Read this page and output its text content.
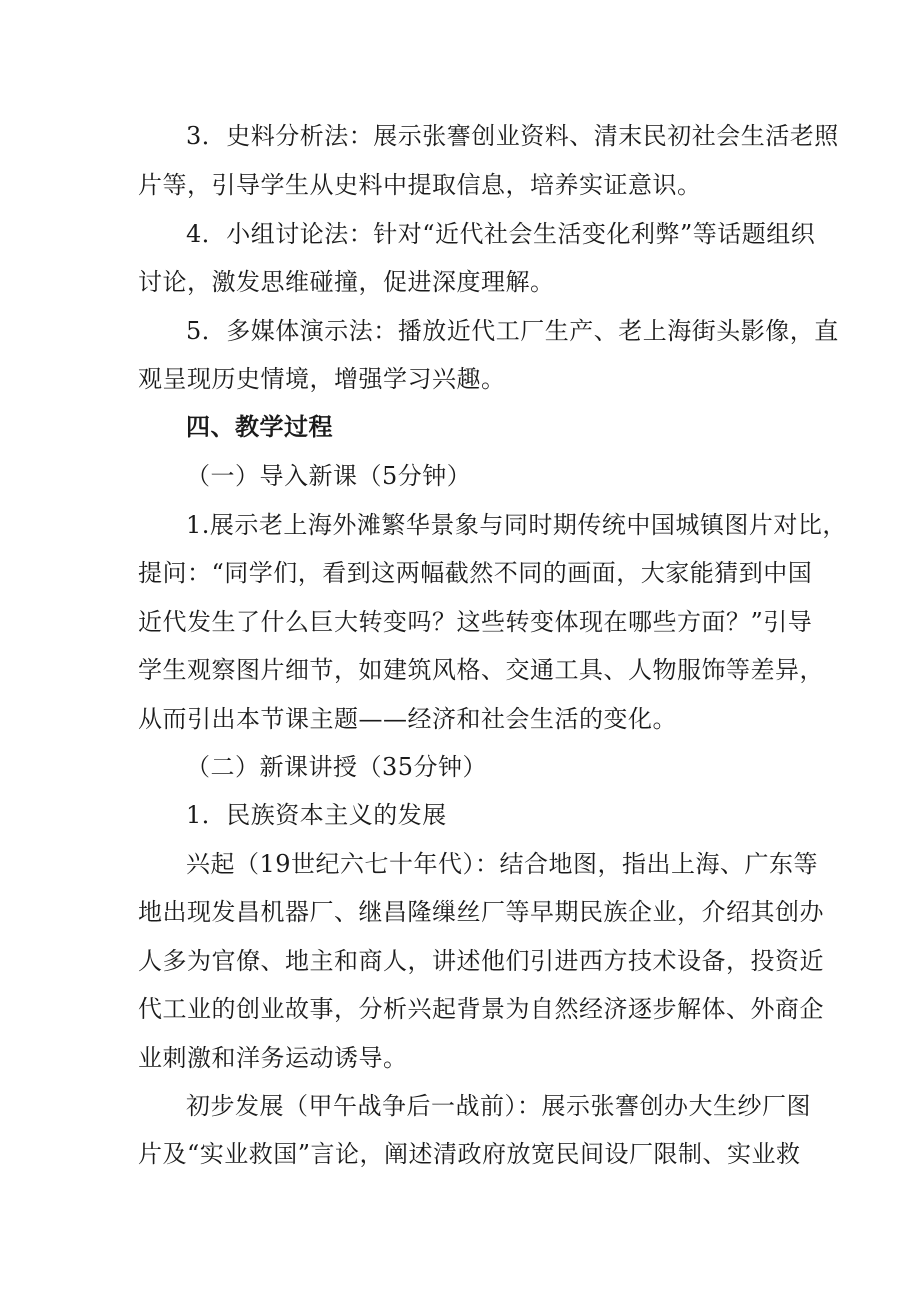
3．史料分析法：展示张謇创业资料、清末民初社会生活老照
片等，引导学生从史料中提取信息，培养实证意识。
4．小组讨论法：针对“近代社会生活变化利弊”等话题组织
讨论，激发思维碰撞，促进深度理解。
5．多媒体演示法：播放近代工厂生产、老上海街头影像，直
观呈现历史情境，增强学习兴趣。
四、教学过程
（一）导入新课（5分钟）
1.展示老上海外滩繁华景象与同时期传统中国城镇图片对比，
提问：“同学们，看到这两幅截然不同的画面，大家能猜到中国
近代发生了什么巨大转变吗？这些转变体现在哪些方面？”引导
学生观察图片细节，如建筑风格、交通工具、人物服饰等差异，
从而引出本节课主题——经济和社会生活的变化。
（二）新课讲授（35分钟）
1．民族资本主义的发展
兴起（19世纪六七十年代）：结合地图，指出上海、广东等
地出现发昌机器厂、继昌隆缫丝厂等早期民族企业，介绍其创办
人多为官僚、地主和商人，讲述他们引进西方技术设备，投资近
代工业的创业故事，分析兴起背景为自然经济逐步解体、外商企
业刺激和洋务运动诱导。
初步发展（甲午战争后一战前）：展示张謇创办大生纱厂图
片及“实业救国”言论，阐述清政府放宽民间设厂限制、实业救
